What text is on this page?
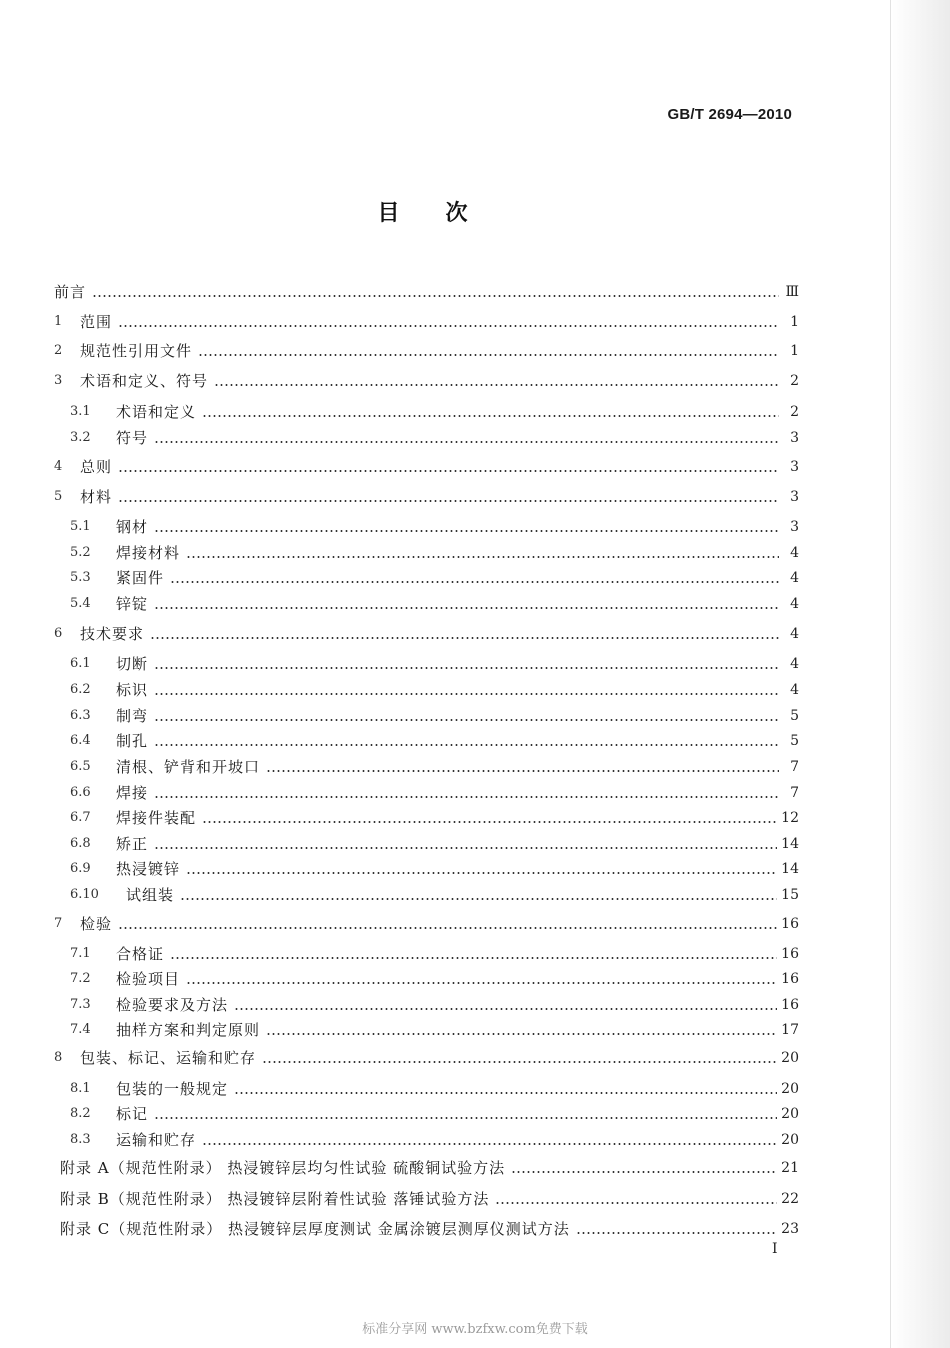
GB/T 2694—2010
目次
前言	Ⅲ
1	范围	1
2	规范性引用文件	1
3	术语和定义、符号	2
3.1	术语和定义	2
3.2	符号	3
4	总则	3
5	材料	3
5.1	钢材	3
5.2	焊接材料	4
5.3	紧固件	4
5.4	锌锭	4
6	技术要求	4
6.1	切断	4
6.2	标识	4
6.3	制弯	5
6.4	制孔	5
6.5	清根、铲背和开坡口	7
6.6	焊接	7
6.7	焊接件装配	12
6.8	矫正	14
6.9	热浸镀锌	14
6.10	试组装	15
7	检验	16
7.1	合格证	16
7.2	检验项目	16
7.3	检验要求及方法	16
7.4	抽样方案和判定原则	17
8	包装、标记、运输和贮存	20
8.1	包装的一般规定	20
8.2	标记	20
8.3	运输和贮存	20
附录 A（规范性附录） 热浸镀锌层均匀性试验 硫酸铜试验方法	21
附录 B（规范性附录） 热浸镀锌层附着性试验 落锤试验方法	22
附录 C（规范性附录） 热浸镀锌层厚度测试 金属涂镀层测厚仪测试方法	23
I
标准分享网 www.bzfxw.com免费下载
